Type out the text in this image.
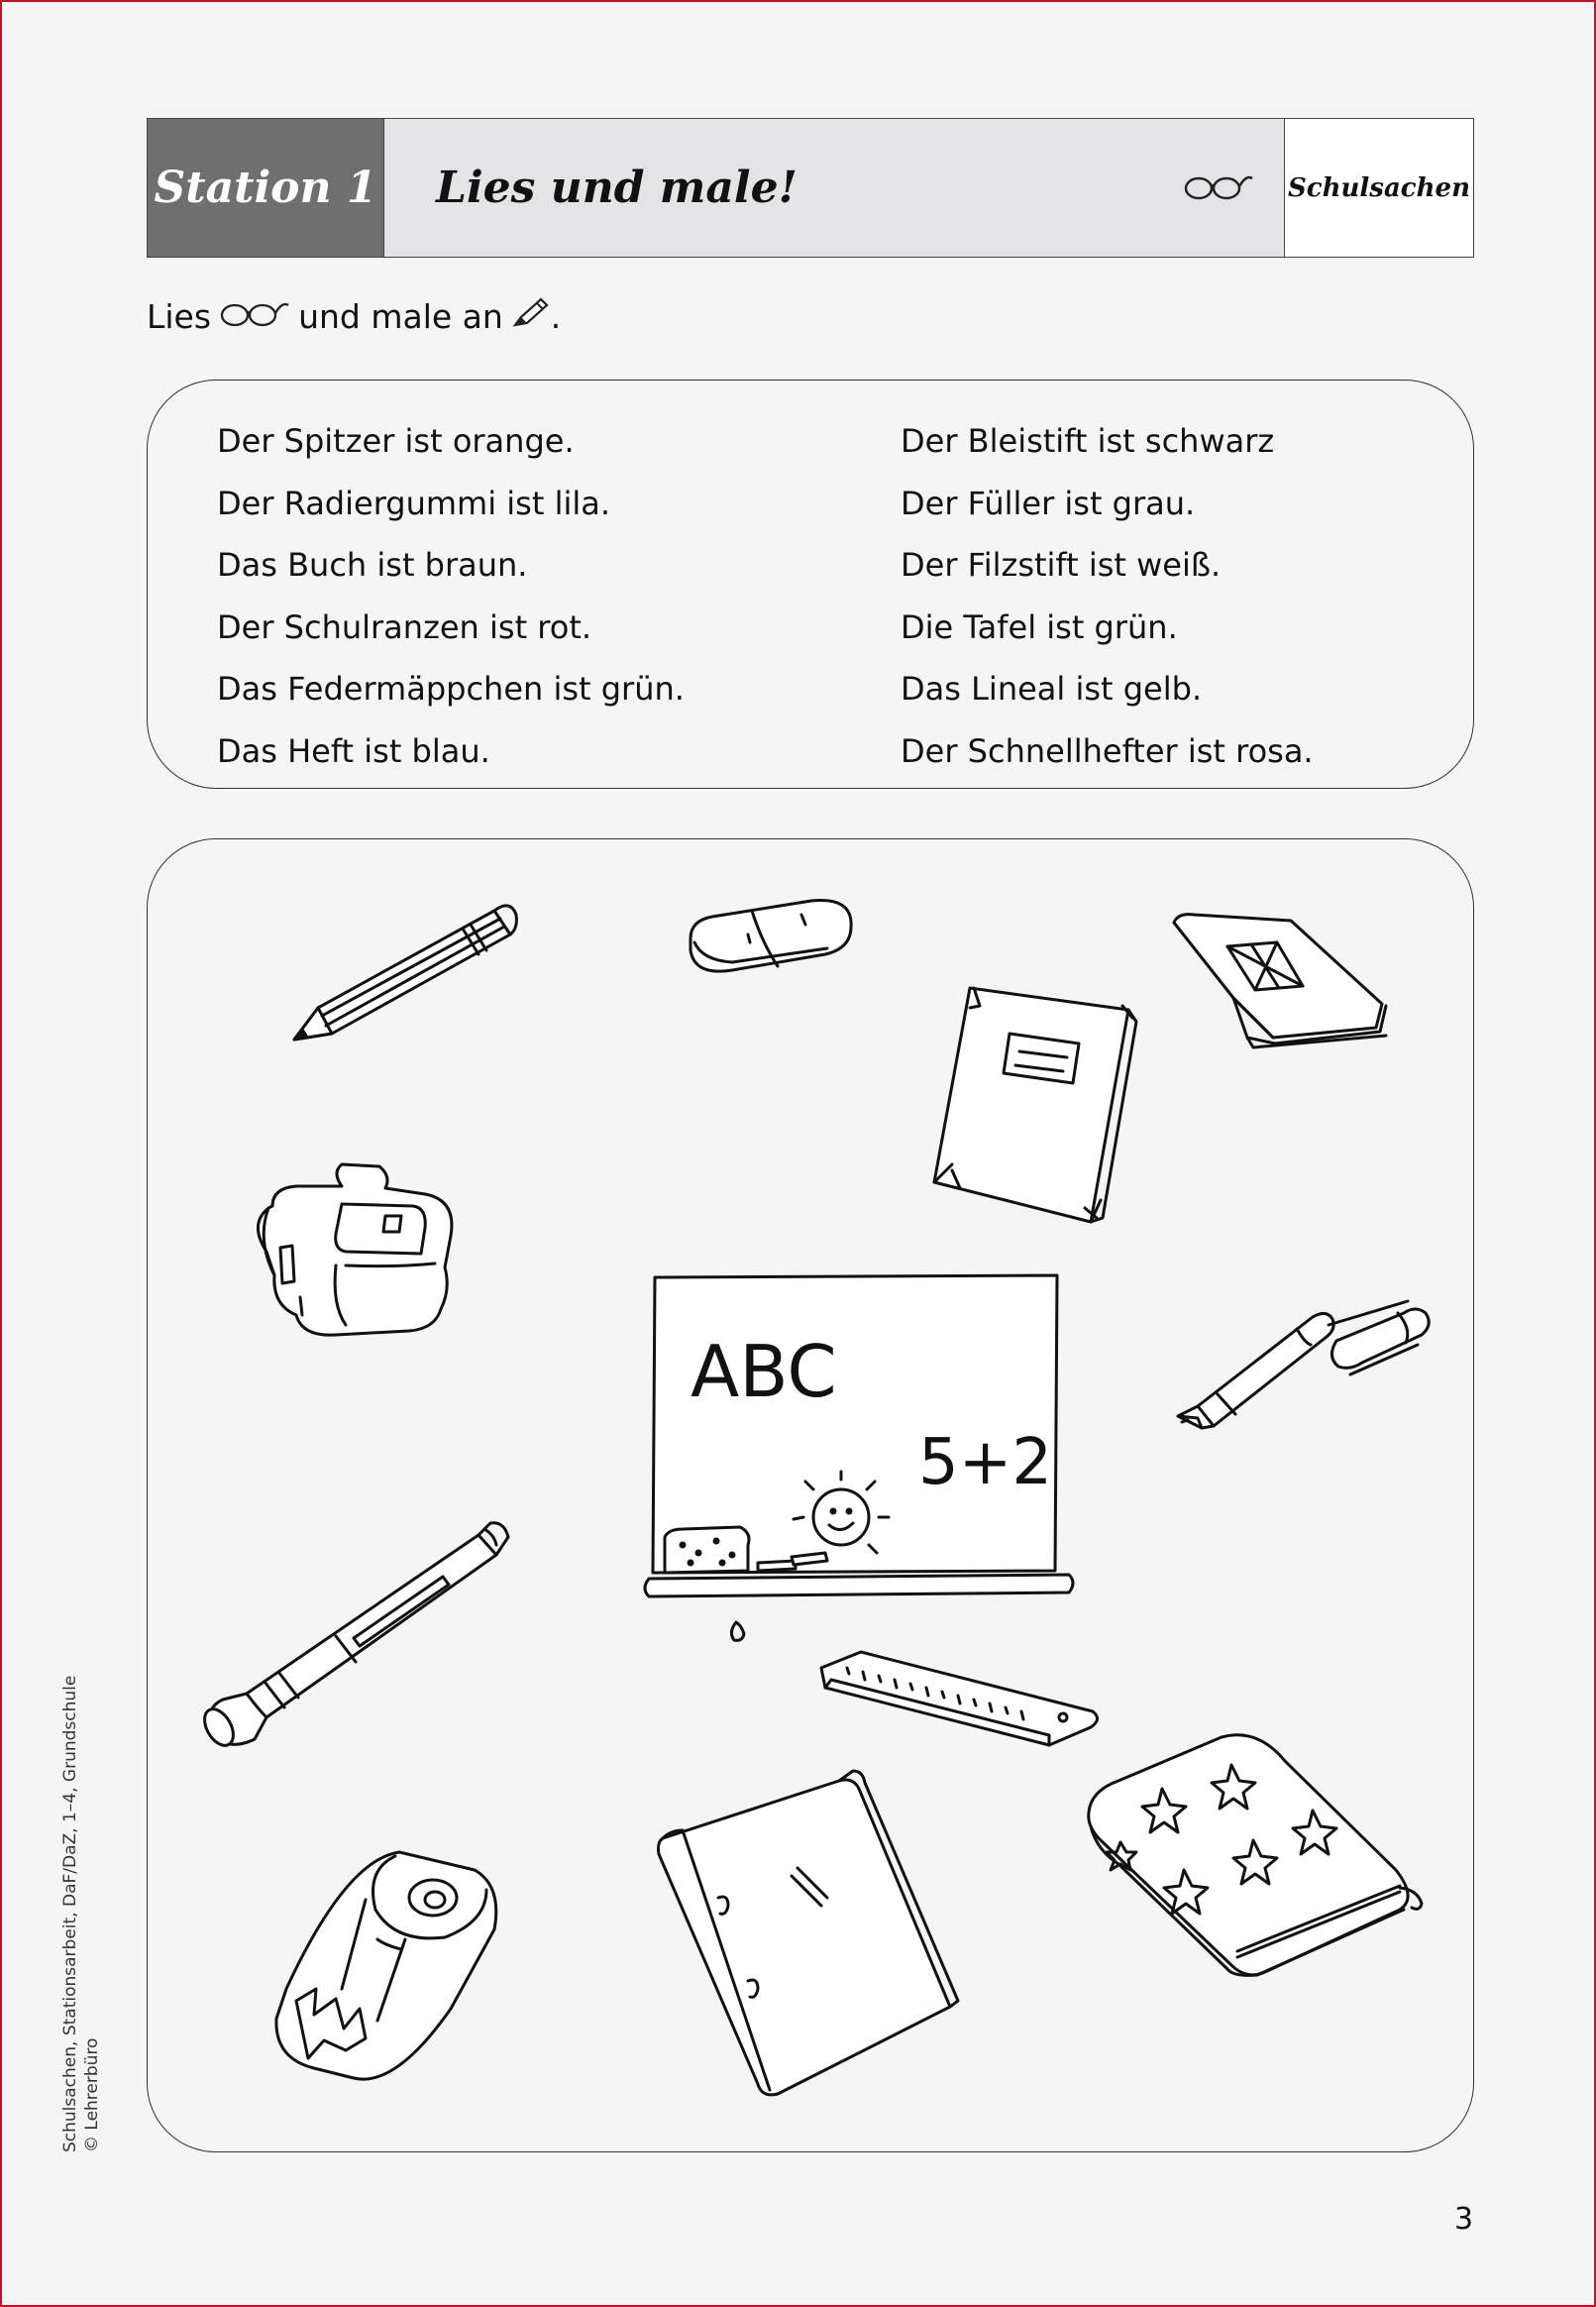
Station 1 Lies und male!	Schulsachen
Lies	und male an .
Der Spitzer ist orange.
Der Radiergummi ist lila.
Das Buch ist braun.
Der Schulranzen ist rot.
Das Federmäppchen ist grün.
Das Heft ist blau.
Der Bleistift ist schwarz
Der Füller ist grau.
Der Filzstift ist weiß.
Die Tafel ist grün.
Das Lineal ist gelb.
Der Schnellhefter ist rosa.
ABC
5+2
Schulsachen, Stationsarbeit, DaF/DaZ, 1–4, Grundschule © Lehrerbüro
3
